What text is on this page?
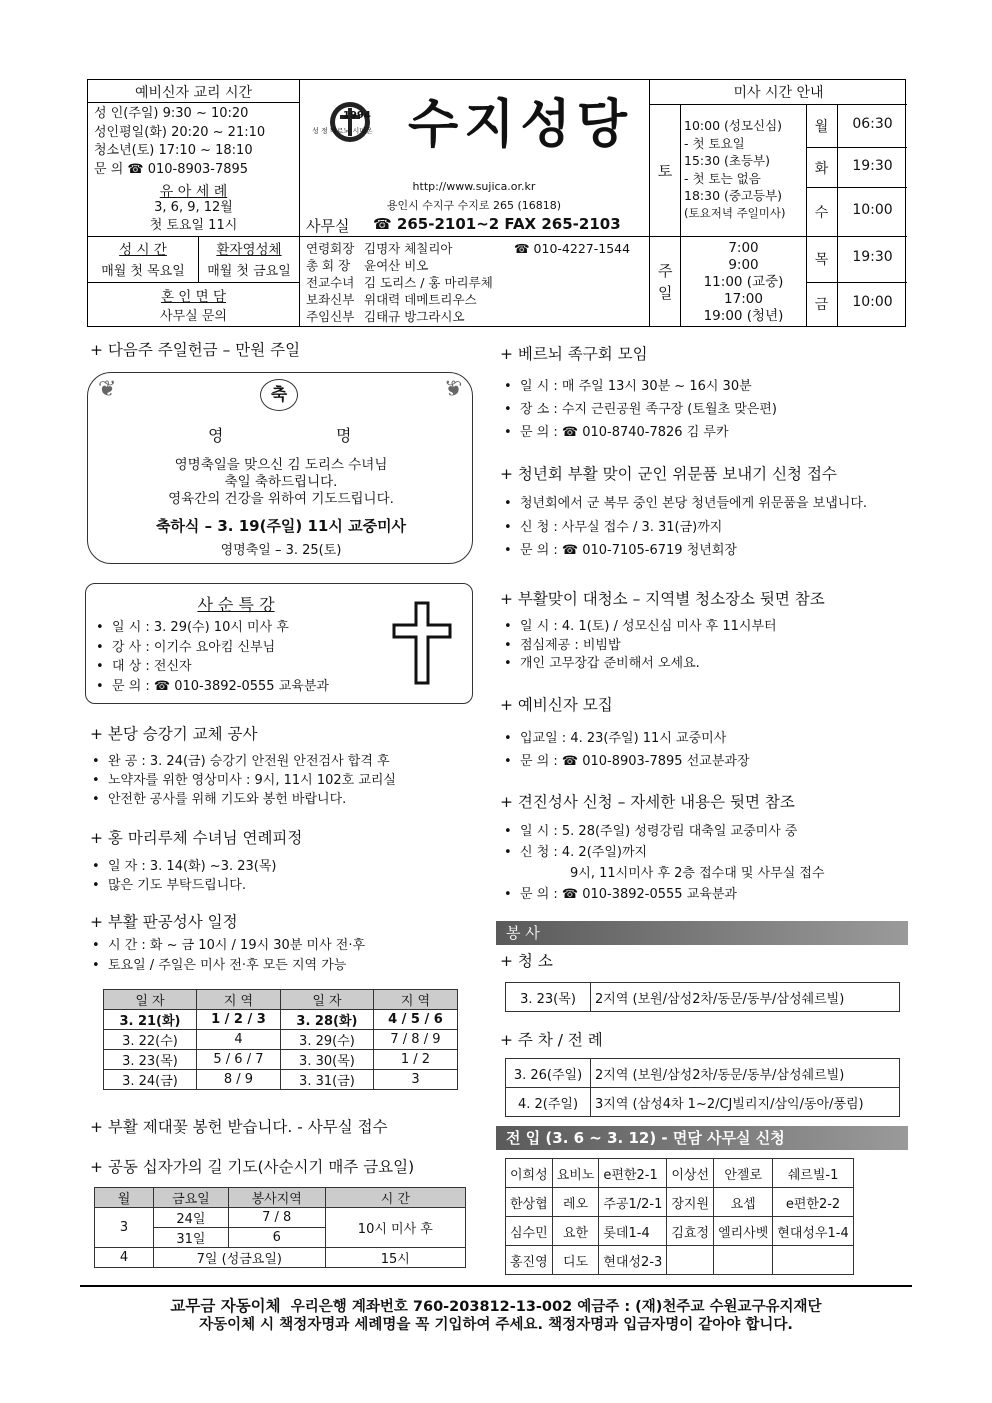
예비신자 교리 시간
성 인(주일) 9:30 ~ 10:20
성인평일(화) 20:20 ~ 21:10
청소년(토) 17:10 ~ 18:10
문 의 ☎ 010-8903-7895
유 아 세 례
3, 6, 9, 12월
첫 토요일 11시
성 시 간
매월 첫 목요일
환자영성체
매월 첫 금요일
혼 인 면 담
사무실 문의
1994
성 정 베르뇌 시메온 수지성당
http://www.sujica.or.kr
용인시 수지구 수지로 265 (16818)
사무실 ☎ 265-2101~2 FAX 265-2103
연령회장 김명자 체칠리아	☎ 010-4227-1544
총 회 장 윤여산 비오
전교수녀 김 도리스 / 홍 마리루체
보좌신부 위대력 데메트리우스
주임신부 김태규 방그라시오
미사 시간 안내
토
10:00 (성모신심)
- 첫 토요일
15:30 (초등부)
- 첫 토는 없음
18:30 (중고등부)
(토요저녁 주일미사)
주일
7:00
9:00
11:00 (교중)
17:00
19:00 (청년)
월	06:30
화	19:30
수	10:00
목	19:30
금	10:00
+ 다음주 주일헌금 – 만원 주일
축
❦	❦
영	명
영명축일을 맞으신 김 도리스 수녀님
축일 축하드립니다.
영육간의 건강을 위하여 기도드립니다.
축하식 – 3. 19(주일) 11시 교중미사
영명축일 – 3. 25(토)
사 순 특 강
• 일 시 : 3. 29(수) 10시 미사 후
• 강 사 : 이기수 요아킴 신부님
• 대 상 : 전신자
• 문 의 : ☎ 010-3892-0555 교육분과
+ 본당 승강기 교체 공사
• 완 공 : 3. 24(금) 승강기 안전원 안전검사 합격 후
• 노약자를 위한 영상미사 : 9시, 11시 102호 교리실
• 안전한 공사를 위해 기도와 봉헌 바랍니다.
+ 홍 마리루체 수녀님 연례피정
• 일 자 : 3. 14(화) ~3. 23(목)
• 많은 기도 부탁드립니다.
+ 부활 판공성사 일정
• 시 간 : 화 ~ 금 10시 / 19시 30분 미사 전·후
• 토요일 / 주일은 미사 전·후 모든 지역 가능
일 자	지 역	일 자	지 역
3. 21(화)	1 / 2 / 3	3. 28(화)	4 / 5 / 6
3. 22(수)	4	3. 29(수)	7 / 8 / 9
3. 23(목)	5 / 6 / 7	3. 30(목)	1 / 2
3. 24(금)	8 / 9	3. 31(금)	3
+ 부활 제대꽃 봉헌 받습니다. - 사무실 접수
+ 공동 십자가의 길 기도(사순시기 매주 금요일)
월	금요일	봉사지역	시 간
3	24일	7 / 8	10시 미사 후
	31일	6	
4	7일 (성금요일)		15시
+ 베르뇌 족구회 모임
• 일 시 : 매 주일 13시 30분 ~ 16시 30분
• 장 소 : 수지 근린공원 족구장 (토월초 맞은편)
• 문 의 : ☎ 010-8740-7826 김 루카
+ 청년회 부활 맞이 군인 위문품 보내기 신청 접수
• 청년회에서 군 복무 중인 본당 청년들에게 위문품을 보냅니다.
• 신 청 : 사무실 접수 / 3. 31(금)까지
• 문 의 : ☎ 010-7105-6719 청년회장
+ 부활맞이 대청소 – 지역별 청소장소 뒷면 참조
• 일 시 : 4. 1(토) / 성모신심 미사 후 11시부터
• 점심제공 : 비빔밥
• 개인 고무장갑 준비해서 오세요.
+ 예비신자 모집
• 입교일 : 4. 23(주일) 11시 교중미사
• 문 의 : ☎ 010-8903-7895 선교분과장
+ 견진성사 신청 – 자세한 내용은 뒷면 참조
• 일 시 : 5. 28(주일) 성령강림 대축일 교중미사 중
• 신 청 : 4. 2(주일)까지
9시, 11시미사 후 2층 접수대 및 사무실 접수
• 문 의 : ☎ 010-3892-0555 교육분과
봉 사
+ 청 소
3. 23(목)	2지역 (보원/삼성2차/동문/동부/삼성쉐르빌)
+ 주 차 / 전 례
3. 26(주일)	2지역 (보원/삼성2차/동문/동부/삼성쉐르빌)
4. 2(주일)	3지역 (삼성4차 1~2/CJ빌리지/삼익/동아/풍림)
전 입 (3. 6 ~ 3. 12) - 면담 사무실 신청
이희성	요비노	e편한2-1	이상선	안젤로	쉐르빌-1
한상협	레오	주공1/2-1	장지원	요셉	e편한2-2
심수민	요한	롯데1-4	김효정	엘리사벳	현대성우1-4
홍진영	디도	현대성2-3			
교무금 자동이체 우리은행 계좌번호 760-203812-13-002 예금주 : (재)천주교 수원교구유지재단
자동이체 시 책정자명과 세례명을 꼭 기입하여 주세요. 책정자명과 입금자명이 같아야 합니다.
